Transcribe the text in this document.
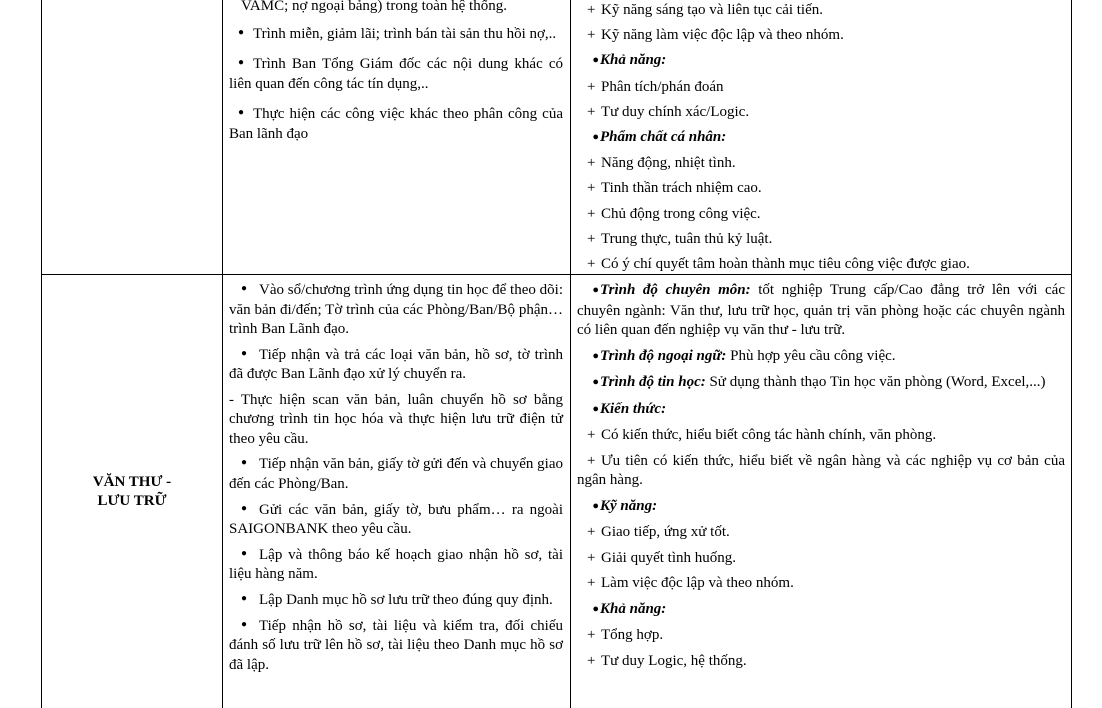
VAMC; nợ ngoại bảng) trong toàn hệ thống.

● Trình miễn, giảm lãi; trình bán tài sản thu hồi nợ,..

● Trình Ban Tổng Giám đốc các nội dung khác có liên quan đến công tác tín dụng,..

● Thực hiện các công việc khác theo phân công của Ban lãnh đạo

+ Kỹ năng sáng tạo và liên tục cải tiến.

+ Kỹ năng làm việc độc lập và theo nhóm.

●Khả năng:

+ Phân tích/phán đoán

+ Tư duy chính xác/Logic.

●Phẩm chất cá nhân:

+ Năng động, nhiệt tình.

+ Tinh thần trách nhiệm cao.

+ Chủ động trong công việc.

+ Trung thực, tuân thủ kỷ luật.

+ Có ý chí quyết tâm hoàn thành mục tiêu công việc được giao.

VĂN THƯ -
LƯU TRỮ

● Vào sổ/chương trình ứng dụng tin học để theo dõi: văn bản đi/đến; Tờ trình của các Phòng/Ban/Bộ phận…trình Ban Lãnh đạo.

● Tiếp nhận và trả các loại văn bản, hồ sơ, tờ trình đã được Ban Lãnh đạo xử lý chuyển ra.

- Thực hiện scan văn bản, luân chuyển hồ sơ bằng chương trình tin học hóa và thực hiện lưu trữ điện tử theo yêu cầu.

● Tiếp nhận văn bản, giấy tờ gửi đến và chuyển giao đến các Phòng/Ban.

● Gửi các văn bản, giấy tờ, bưu phẩm… ra ngoài SAIGONBANK theo yêu cầu.

● Lập và thông báo kế hoạch giao nhận hồ sơ, tài liệu hàng năm.

● Lập Danh mục hồ sơ lưu trữ theo đúng quy định.

● Tiếp nhận hồ sơ, tài liệu và kiểm tra, đối chiếu đánh số lưu trữ lên hồ sơ, tài liệu theo Danh mục hồ sơ đã lập.

●Trình độ chuyên môn: tốt nghiệp Trung cấp/Cao đẳng trở lên với các chuyên ngành: Văn thư, lưu trữ học, quản trị văn phòng hoặc các chuyên ngành có liên quan đến nghiệp vụ văn thư - lưu trữ.

●Trình độ ngoại ngữ: Phù hợp yêu cầu công việc.

●Trình độ tin học: Sử dụng thành thạo Tin học văn phòng (Word, Excel,...)

●Kiến thức:

+ Có kiến thức, hiểu biết công tác hành chính, văn phòng.

+ Ưu tiên có kiến thức, hiểu biết về ngân hàng và các nghiệp vụ cơ bản của ngân hàng.

●Kỹ năng:

+ Giao tiếp, ứng xử tốt.

+ Giải quyết tình huống.

+ Làm việc độc lập và theo nhóm.

●Khả năng:

+ Tổng hợp.

+ Tư duy Logic, hệ thống.
